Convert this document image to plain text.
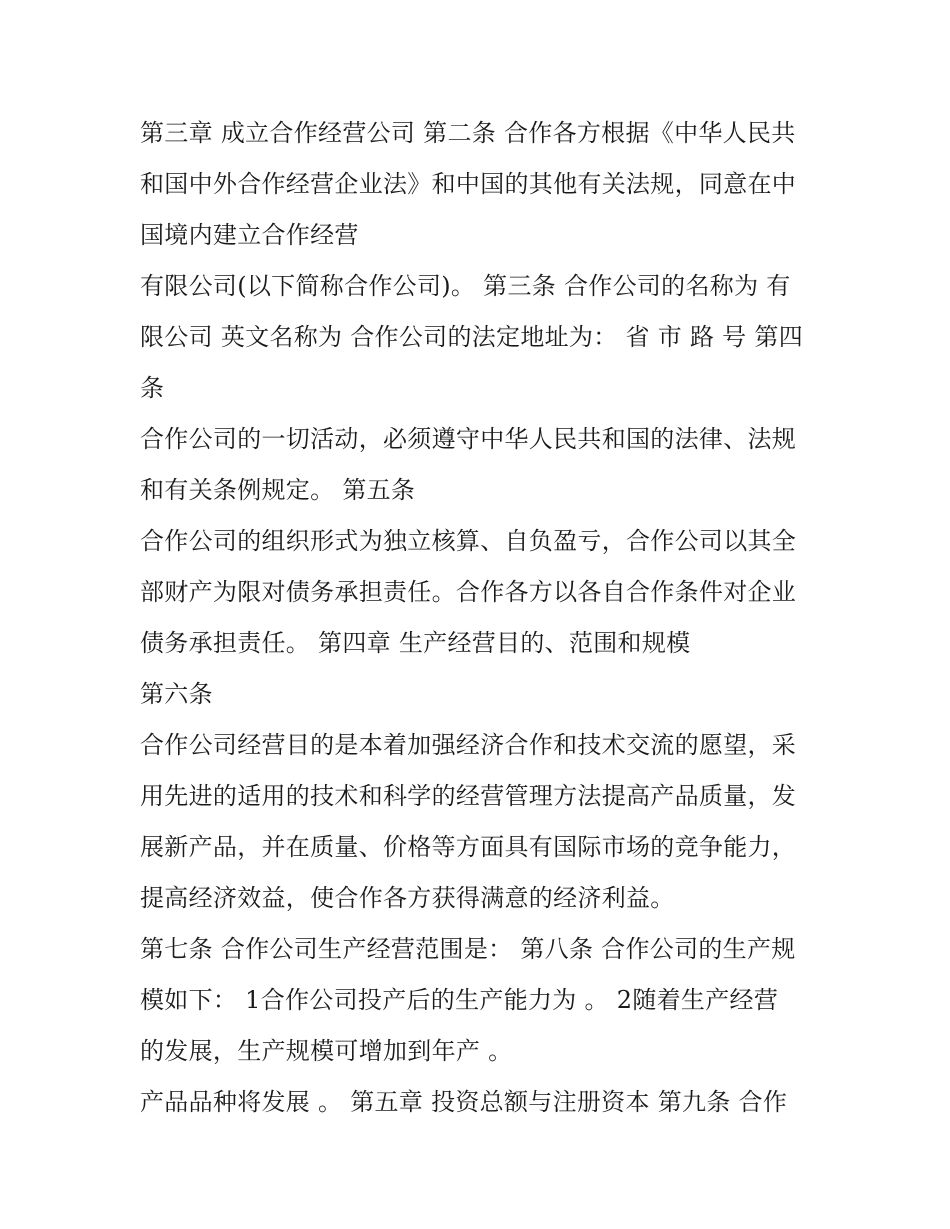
第三章 成立合作经营公司 第二条 合作各方根据《中华人民共
和国中外合作经营企业法》和中国的其他有关法规，同意在中
国境内建立合作经营

有限公司(以下简称合作公司)。 第三条 合作公司的名称为 有
限公司 英文名称为 合作公司的法定地址为： 省 市 路 号 第四
条

合作公司的一切活动，必须遵守中华人民共和国的法律、法规
和有关条例规定。 第五条

合作公司的组织形式为独立核算、自负盈亏，合作公司以其全
部财产为限对债务承担责任。合作各方以各自合作条件对企业
债务承担责任。 第四章 生产经营目的、范围和规模

第六条

合作公司经营目的是本着加强经济合作和技术交流的愿望，采
用先进的适用的技术和科学的经营管理方法提高产品质量，发
展新产品，并在质量、价格等方面具有国际市场的竞争能力，
提高经济效益，使合作各方获得满意的经济利益。

第七条 合作公司生产经营范围是： 第八条 合作公司的生产规
模如下： 1合作公司投产后的生产能力为 。 2随着生产经营
的发展，生产规模可增加到年产 。

产品品种将发展 。 第五章 投资总额与注册资本 第九条 合作
